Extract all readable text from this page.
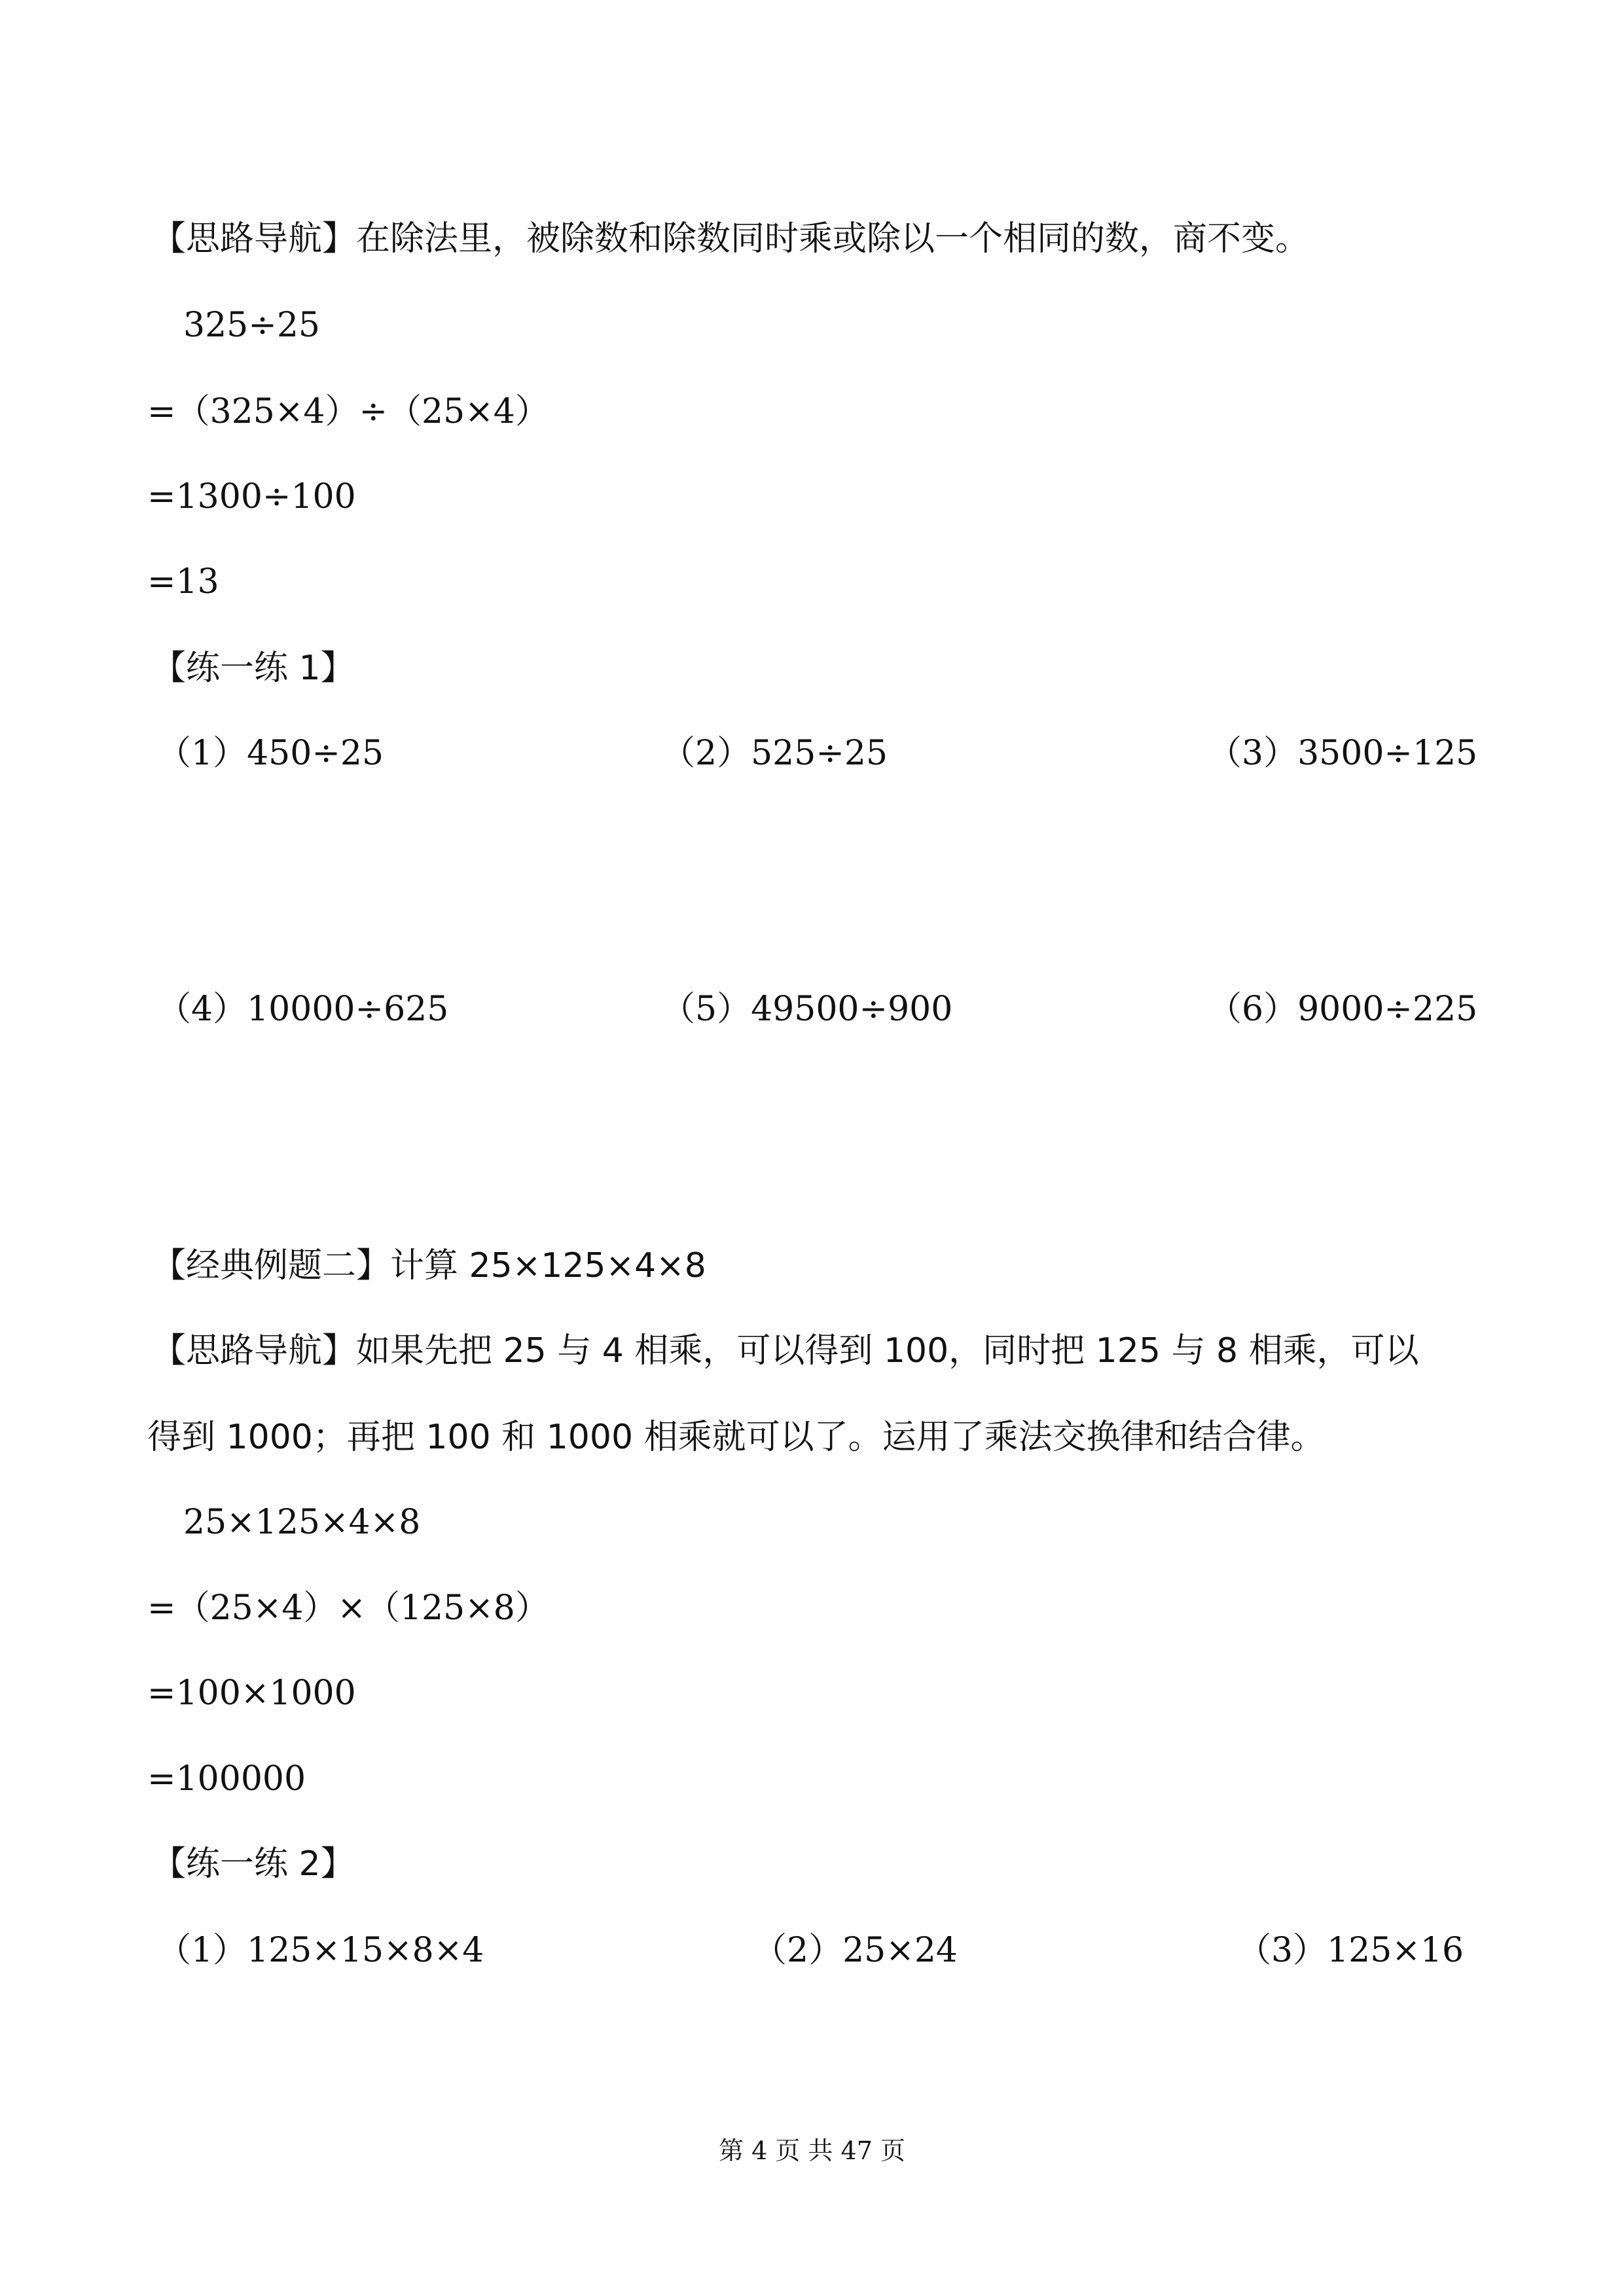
【思路导航】在除法里，被除数和除数同时乘或除以一个相同的数，商不变。
325÷25
=（325×4）÷（25×4）
=1300÷100
=13
【练一练 1】
（1）450÷25	（2）525÷25	（3）3500÷125
（4）10000÷625	（5）49500÷900	（6）9000÷225
【经典例题二】计算 25×125×4×8
【思路导航】如果先把 25 与 4 相乘，可以得到 100，同时把 125 与 8 相乘，可以
得到 1000；再把 100 和 1000 相乘就可以了。运用了乘法交换律和结合律。
25×125×4×8
=（25×4）×（125×8）
=100×1000
=100000
【练一练 2】
（1）125×15×8×4	（2）25×24	（3）125×16
第 4 页 共 47 页
